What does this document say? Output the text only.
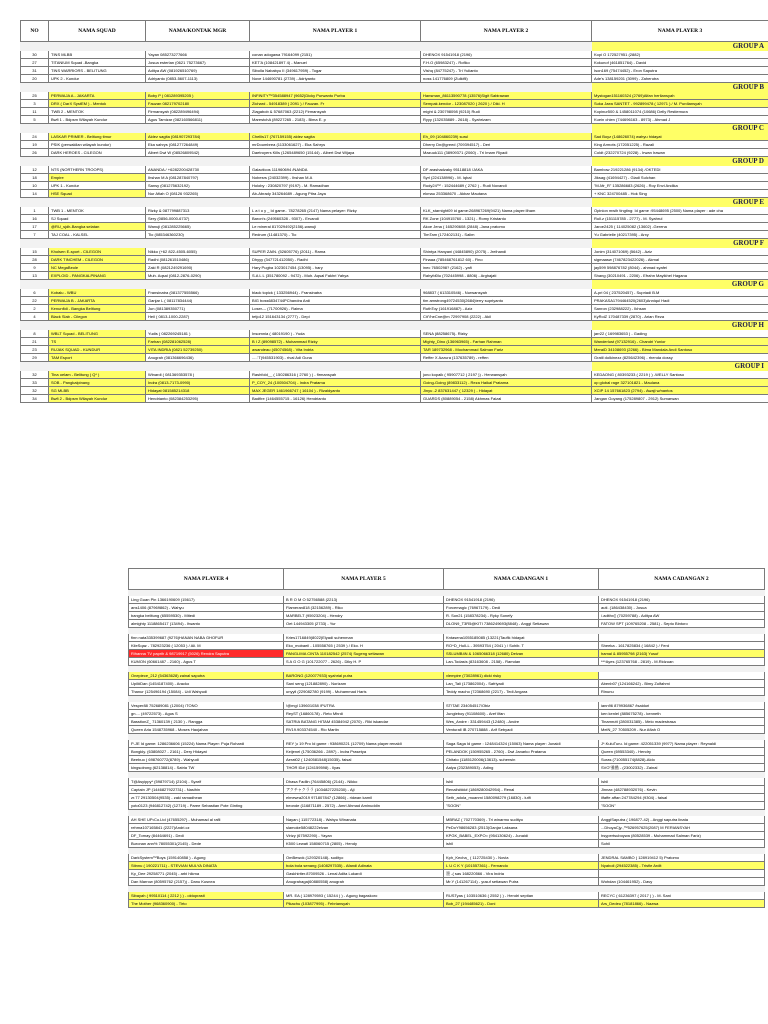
NO	NAMA SQUAD	NAMA/KONTAK MGR	NAMA PLAYER 1	NAMA PLAYER 2	NAMA PLAYER 3
					GROUP A
30	TINS MLBB	Yayan 085273277666	conan adogawa 79164099 (2151)	DHENOX 91541918 (2196)	Kopi O 172527951 (2882)
27	TITANIUM Squad -Bangka	Josua esterlan (0621 75273667)	KET'A (108421897 4) - Manuel	F.H.O (65983247) - Rofiko	Kokunof (461851764) - David
31	TINS WARRIORS - BELITUNG	Aditya AW (081926510769)	Sibolla Nababyu II (349617959) - Togar	Vlshq (84775247) - Tri Yulianto	Ison169 (75474452) - Eron Saputra
20	UPK 2 - Kundur	Adriyanto (0853-5607-1113)	Nove 144690781 (2739) - Adriyanto	noss 141776809 (Zulkifli)	Ade's 138159201 (3099) - Zaherutra
					GROUP B
25	PERWAJA A - JAKARTA	Boby P ( 081289395205 )	INFINITY™354588947 (9652)Dicky Purwanto Purba	Hansman_86113590778 (13576)Sigit Sabirawan	Mystogan151160324 (2769)Alfan herliansyah
3	DRX ( DarX SystEM ) - Mentok	Fauzan 082179702180	Zichard - 54918389 ( 2091 ) / Fauzan. Fr	Sempak.kendor - 123087020 ( 2620 ) / Diki. H	Suka Jaea SANTET - 992899478 ( 12971 ) / M. Purdiansyah
11	TWB 2 - MENTOK	Firmansyah (082289496494)	Ziagabob & 57687063 (2212) Firmansyah	might & 230798098 (9210) Rudi	Kopinur500 & 1458011074 (10686) Delly Restiemura
5	Bwfi 1 - Bdpsm Wilayah Kundur	Agus Tamizar (082160566811)	MarestchA (89227265 - 2183) - Bima E. p	Ryyy (132035889 - 2618) - Syahrizam	Kuein chien (744696163 - 8973) - Ahmad J
					GROUP C
24	LASKAR PRIMER - Belitung timur	Aldez sagita (081907293784)	Chellis17 (767159155) aldez sagita	Eh_09 (104860239) surul	Sad Boyz (148626074) wahyu hidayat
19	PSIK (perwakilan wilayah kundur)	Eka sahrys (081277264849)	mrDoumbrea (1133061627) - Eka Sahrys	Dherry Dn@greed (709394517) - Deri	King Armots (172051225) - Razali
26	DARK HEROES - CILEGON	Albert Dwi W (08526809542)	Daetroyers Kills (1265489650 (15144) - Albert Dwi Wijaya	Mazuuk111 (38909371 (2060) - Tri Imam Riyadi	Coldt (232270724 (9228) - Irwan Irawan
					GROUP D
12	NTS (NORTHERN TROOPS)	ANANDA / +6282200428730	Galacticos 111960694 /NANDA	DF arashadzaky 95118818 /JAKA	Bambow 219221286 (9134) /OKTEDI
18	Empire	Ihshan M A (081287840797)	Nobesrs (24032399) - Ihshan M.A	Syrl (224138996) - M. Iqbal	Jiksag (41694427) - Giadi Sulchan
10	UPK 1 - Kundur	Sansy (081275632192)	Holoby : 230820797 (9197) - M. Ramadhan	Rudy24™ : 152444689 ( 2762 ) - Rudi Novandi	"M-Mr_R" 135286683 (2626) - Roy Envi Andika
14	HSE Squad	Nur Afiah O (08126 932265)	Ab-Abrady 343264689 - Agung Pitra Jaya	ekmau 253368670 - Akbar Mautana	+ KNC 324700485 - Hok Sing
					GROUP E
1	TWB 1 - MENTOK	Rizky & 087799887313	L a t o y _ Id game.. 78278265 (2147) Nama pelayer: Rizky	KLK_starnight09 id game:268967269(9421) Nama player:Ilham	Opinion mwih tingting: Id game :95448695 (2500) Nama player : ade cha
16	SJ Squad	Sery (0856-0000-6737)	Baron's (249560328 - 9307) - Ervandi	RK Zone (104915760 - 1321) - Romy Kristanto	Rull.z (151115785 - 2777) - M. Syahrul
17	@RU_sjdh-Bangka selatan	Wanuji (081285225665)	Le mineral 817029492(2156)-wanuji	Akoe Jena ( 165290608 (2848) -Jana pratomo	Jaroe2425 ( 114025082 (13602) -Gerena
7	TAJ COAL - KALSEL	Tio (085346360230)	Redrum (11481370) - Tio	TimTam (172402131) - Salim	Yu Gabrielle (40217395) - Arxy
					GROUP F
15	Kholsen E-sport - CILEGON	Nikko (+62 822-4505-6055)	SUPER ZAIN. (52605776) (2011) - Rama	Shintya Hanyani (44845890) (2075) - Jreihandi	Jonim (314071069) (5642) - Aziz
28	DARK TINCHEM - CILEGON	Radhi (081261510486)	Dhyyy (347721412050) - Radhi	Finaaa (785468761812 60) - Fino	sigmaasw (7467823422026) - Akmal
9	NC MegaBeole	Zaki R (0821249291690)	Hary Pugba 1023017454 (13095) - hary	inec 7650298? (2162) - yafi	jay599 598876782 (8044) - ahmad syafei
13	EXPLOID - PANGKALPINANG	Muh. Aqsal (0812-2876-0290)	S.A L L (351780092 - 9472) - Muh. Aqsal Fakhri Yahya	Rahyfd0lu (702445998 - 8806) - Arghajati	Shang (30210491 - 2206) - Efrahn Mayikhel Hagana
					GROUP G
6	Kobalu - WBU	Fransinatra (081377555566)	black topick ( 133256944) - Fransinatra	968837 ( 613310546) - Nurwansyah	A-pri 04 ( 237520457) - Supriadi B.M
22	PERWAJA B - JAKARTA	Ganjar L ( 08117834444)	BIG boss6834744PChandra Ardi	tim amstrong49724530(2684)terry supriyanto	PRAKASA1794464520(2603)Anniqul Hadi
2	Kenunfidi - Bangka Belitung	Jun (081389350771)	Loser--- (71700926) - Raima	RuthToy (161916887) - Aziz	Sanron (232988222) - Ikhsan
4	Black Slab - Cilegon	Heil ( 0813-1000-2287)	tetjo12 151643134 (2777) - Depi	Cit"/heCne@m 72997908 (2222) - Akil	KyRoiZ 170487339 (2870) - Arian Reza
					GROUP H
8	WBLT Squad - BELITUNG	Yudis ( 082269245181 )	Insomnia ( 48019190 ) - Yuda	SENA (88258675)- Rizky	jarr22 ( 169983653 ) - Gading
21	TS	Farhan (082281062528)	B I Z (89098572) - Muhammad Rizky	Mighty_Dino (136963965) - Farhan Rahman	Wanderlust (97132916) - Chandri Yunior
23	RUJAK SQUAD - KUNDUR	VITA INDRIA (0821 52739250)	awandeau (45074568) - Vita Indria	TAR 189732968 - Mochammad Salman Fariz	MeraiD 34108693 (2266) - Bima Mandala Andi Santoso
29	TAM Esport	Anugrah (081366696436)	.....'T(945531903) - rival Adi Guna	Reffer X Azzura (137635789) - reffen	Gratil dolkinezz (825642396) - rhenda dossy
					GROUP I
32	Tina oelam - Belitung ( Q* )	Winardi ( 081369353578 )	Rashfold__ ( 150286316 ( 2760 ) ) - firmansyah	jono kopaik ( 95907712 ( 2197 )) - Herwansyah	KEDAONG ( 80393233 ( 2219 ) ) -WELLY Santoso
33	SOB - Pangkalpinang	Indra (0813-7173-0990)	P_COY_24 (100504704) - Indra Pratama	Going-Going (89833112) - Reza Haikal Pratama	op global rage 327101821 - Maulana
32	SG MLBB	Hidayat 081585214318	MAX JEGER 1461966747 ( 16104 ) - Rizaldyanto	Jinyu -2 837631447 ( 12329 ) - Hidayat	XCIP 14 157661823 (2794) - Awaji w/nantos
34	Bwfi 2 - Bdpsm Wilayah Kundur	Hendrianto (082384253295)	Badfire (1464555715 - 16126) Hendrianto	GUARDS (80889054 - 2158) Akhmas Faizal	Jangan Goyang (175289807 - 2912) Sumarwan
NAMA PLAYER 4	NAMA PLAYER 5	NAMA CADANGAN 1	NAMA CADANGAN 2

Ling Guan Pin 1366190609 (15617)	B R O M O 52756588 (2213)	DHENOX 91541918 (2196)	DHENOX 91541918 (2196)
ans1406 (87969862) - Wahyu	Flameran818 (32156289) - Riko	Forcemagic (76967179) - Dedi	auti. (186438430) - Josua
bangka belitung (65559530) - Mitedi	MARBELT (95923204) - Hendry	R. Son21 (158378234) - Ryky Sonefy	/.adithx▯ (70259788) - Aditya AW
almighty 1118865417 (13494) - Itwanto	Oet 144943305 (2733) - Yur	DLON9_T3R5@KITI 7386249693(8848) - Anggi Setiawan	FATOW SPT (109765208 - 2581) - Septo Bintoro

finn nata335399687 (9276)HANAN NABA GHOFUR	Kries1716849(8022)Elyadi suhenman	Kntasena1055185085 (13221)Taufik hidayat	
KileSqaz - 782923236 ( 12053 ) / Ali. M	Eko_mobaeil - 105558765 ( 2539 ) / Eko. H	RO^D_HuILL - 39593754 ( 2041 ) / Sohib. T	Sheeka - 1617825834 ( 16842 ) / Ferd
Rihanna TV paprih & 98719917 (5026) Rendra Saputra	PANGLIMA CINTA 110182542 (2574) Sugeng setiawan	SSLUMB4N & 1065066318 (12680) Delvan	hamal & 85955798 (2163) Yusuf
KUMON (60661487 - 2160) - Agus T	S A G O G (101722077 - 2626) - Diky H. P	Lan-Todasis (83163608 - 2158) - Ramdan	***Ayes (123765768 - 2819) - M.Ridzuan

Onepiece_212 (54363628) zainal saputra	BARONG (120077933) syahrial putra	vlempire (73028961) dicki risky	
Upil#Dan (1454187400) - Aracko	Sani seng (121882890) - Norizam	Lan_Tali (173862004) - Safriyadi	Abenb07 (124166242) - Bimy Zulfahmi
Thanur (125496194 (15084) - Udi Wahyudi	unyyil (229082780 (9199) - Muhammad Haris	Teddy macho (72368690 (2217) - Tedi Angara	Rinunu

Vesper88 752689081 (12004) /TONO	!@mgl 139601038 /PUTRA	ST!TAE 234054517/Obiz	iann96 879936867 /tsaiduri
gn.... (49722573) - Agus S	ReyST (16860178) - Reto Mhrdi	Jungleboy (91108600) - Aref ilfan	ken kenlel (885675278) - kenneth
BasstionZ_ 71360139 ( 2130 ) - Rangga	SATRIA BATANG HITAM 45384942 (2070) - Riki iskandar	Wes_Andre : 331459443 (12480) - Andre	Tinamrutt (280031385) - Meio madestrasa
Queen Aria 1548735968 - Moses Haojahan	RV19.903374540 - Rio Martin	Venturall IB 270715888 - Arif Sebyadi	MeiN_27 70505209 - Nur Afiah O

P-JE Id game: 1286236606 (15224) Nama Player: Puja Rohardi	REY )• 19 Pro Id game : 938690221 (12709) Nama player:renaldi	Saga Saga Id game : 1248414324 (15063) Nama player: Junaidi	J*.KuluTuru. Id game: 422051339 (9977) Nama player : Reynaldi
Bongkly. (63808027 - 2161) - Dery Hidayat	Keijenel (175036266 - 2897) - Indra Prasetya	PELANDOK (150955265 - 2760) - Dwi Janarko Pratama	Queen (69553340) - Hendry
Beebuo ( 698760772(8789) - Wahyudi	Aerat02 ( 1240581548(15035)- faisal	Chitato (1185120006(13613)- suherwin	Suras (710055174(8828)-Aldo
kingsolrong (62138814) - Satria TW	THOR ID# (124159598) - Ilyas	Aalya (232389053) - Ading	SVO"雅酷 - (23002332) - Zainal

T@Asyippy* (59879714) (2104) - Syarif	Dhasa Fadlin (76445806) (2144) - Nikko	Ishil	Ishil
Captain JP (1446827922731) - Nasihin	アクチャクララ (1034827225230) - Aji	Renaih#### (1869280042954) - Renal	Jinnax (482788932076) - Kevin
zr.77 29130504(9535) - zaki ramadhean	elmewra2019 971807847 (12866) - ridwan kamil	Seth_adola_muanmi 1580098279 (16830) - lutfi	ilfaffe affan 247784294 (9304) - faisal
yoto0123 (946812742) (12719) - Paree Sebastian Pote Ginting	beonde (116871189 - 2572) - Amri Ahmad Aminuddin	"SOON"	"SOON"

AH SHE UP•Co.Ltd (47655297) - Muhamad al rafli	Nayan ( 115772318) - Wahyu Winanata	MBRAZ ( 702770369) - Tri winarmo sudityo	AnggiSaputra ( 196877-42) - Anggi saputra linata
rehma107165841 (2227)Andri.cz	slamoke58048222elvan	PeDoY98656283 (2513)Ganjar Laksana	...DhoyaCjy.,™526957625(2087) M FERIANSYAH
DF_Tomay (84464691) - Dedi	Virizy (67592290) - Yayan	KPGK_BABEL_EXPO= (954130624) - Junaidi	hsypertsuboywa (80528539 - Muhammad Salman Fariz)
Buronan ann% 78055301(2145) - Dede	K500 Lewati 158060715 (2805) - Hendy	ishil	Sohil

DarkSystem™Boys (159140858 ) - Agung	OmBewok (129320148)- sudityo	Kph_Kecha_ ( 112725430 ) - Novia	JENDRAL SAMBO ( 128919412 5) Pratomo
Stinnu ( 190221711) - STEVIAN MULYA DINATA	bola bola senang (1408297535) - Afandi Adinata	L U C K Y (101557361) - Fernando	Nyaboil (294522385) - Trisfie Ardit
Kp_Dee 29258771 (2045) - arbi hikma	Gaskhiriter.87009526 - Lenal Adita Lukardi	墨 -( sas 168220566 - Vira Indria	
Dan Marrow (80595762 (2157)) - Danu Kusnea	Anugrahaga(60880558) anugrah	Mr.Y (141267114) - yusuf setiawan Putra	Wohdan (104461952) - Davy

Sibayah ( 99510114 ( 2212 ) ) - oktoprasti	MR. EA ( 128979593 ( 15244 ) ) - Agung bagaskoro	RUSTyas ( 103510636 ( 2552 ) ) - Hendri septian	RECYC ( 61236397 ( 2017 ) ) - M. Sani
The Mother (968360900) - Tirto	Pikachu (103877995) - Febriansyah	Bob_27 (194485621) - Doni	Ars_Dedeu (78181866) - Nazwa
